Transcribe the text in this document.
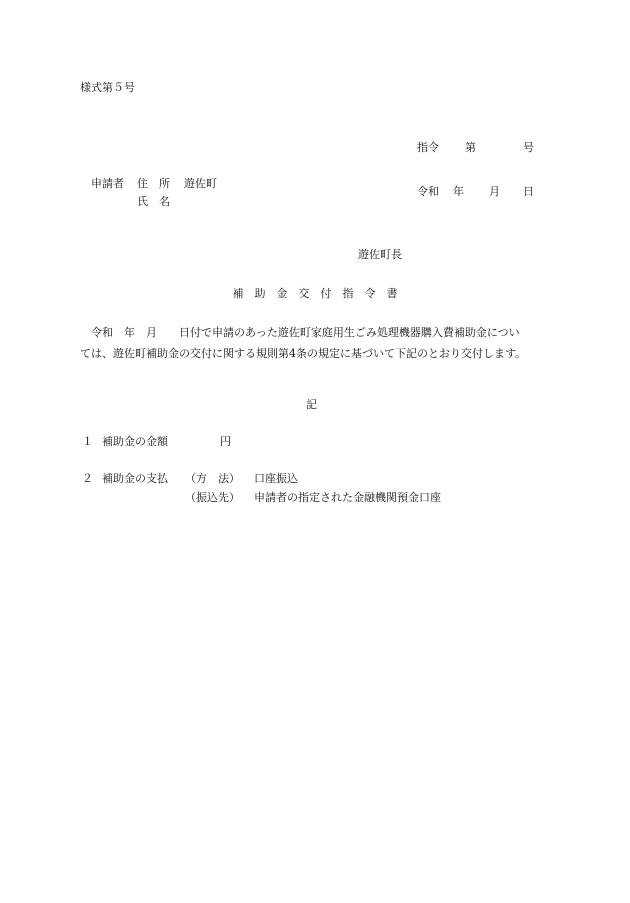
様式第５号

指令

第

	号

令和

年

月

日

申請者 住　所 遊佐町
氏　名
遊佐町長
補　助　金　交　付　指　令　書
　令和　年　月　　日付で申請のあった遊佐町家庭用生ごみ処理機器購入費補助金につい
ては、遊佐町補助金の交付に関する規則第4条の規定に基づいて下記のとおり交付します。
記
１ 補助金の金額	円
２ 補助金の支払 （方　法） 口座振込
（振込先） 申請者の指定された金融機関預金口座
